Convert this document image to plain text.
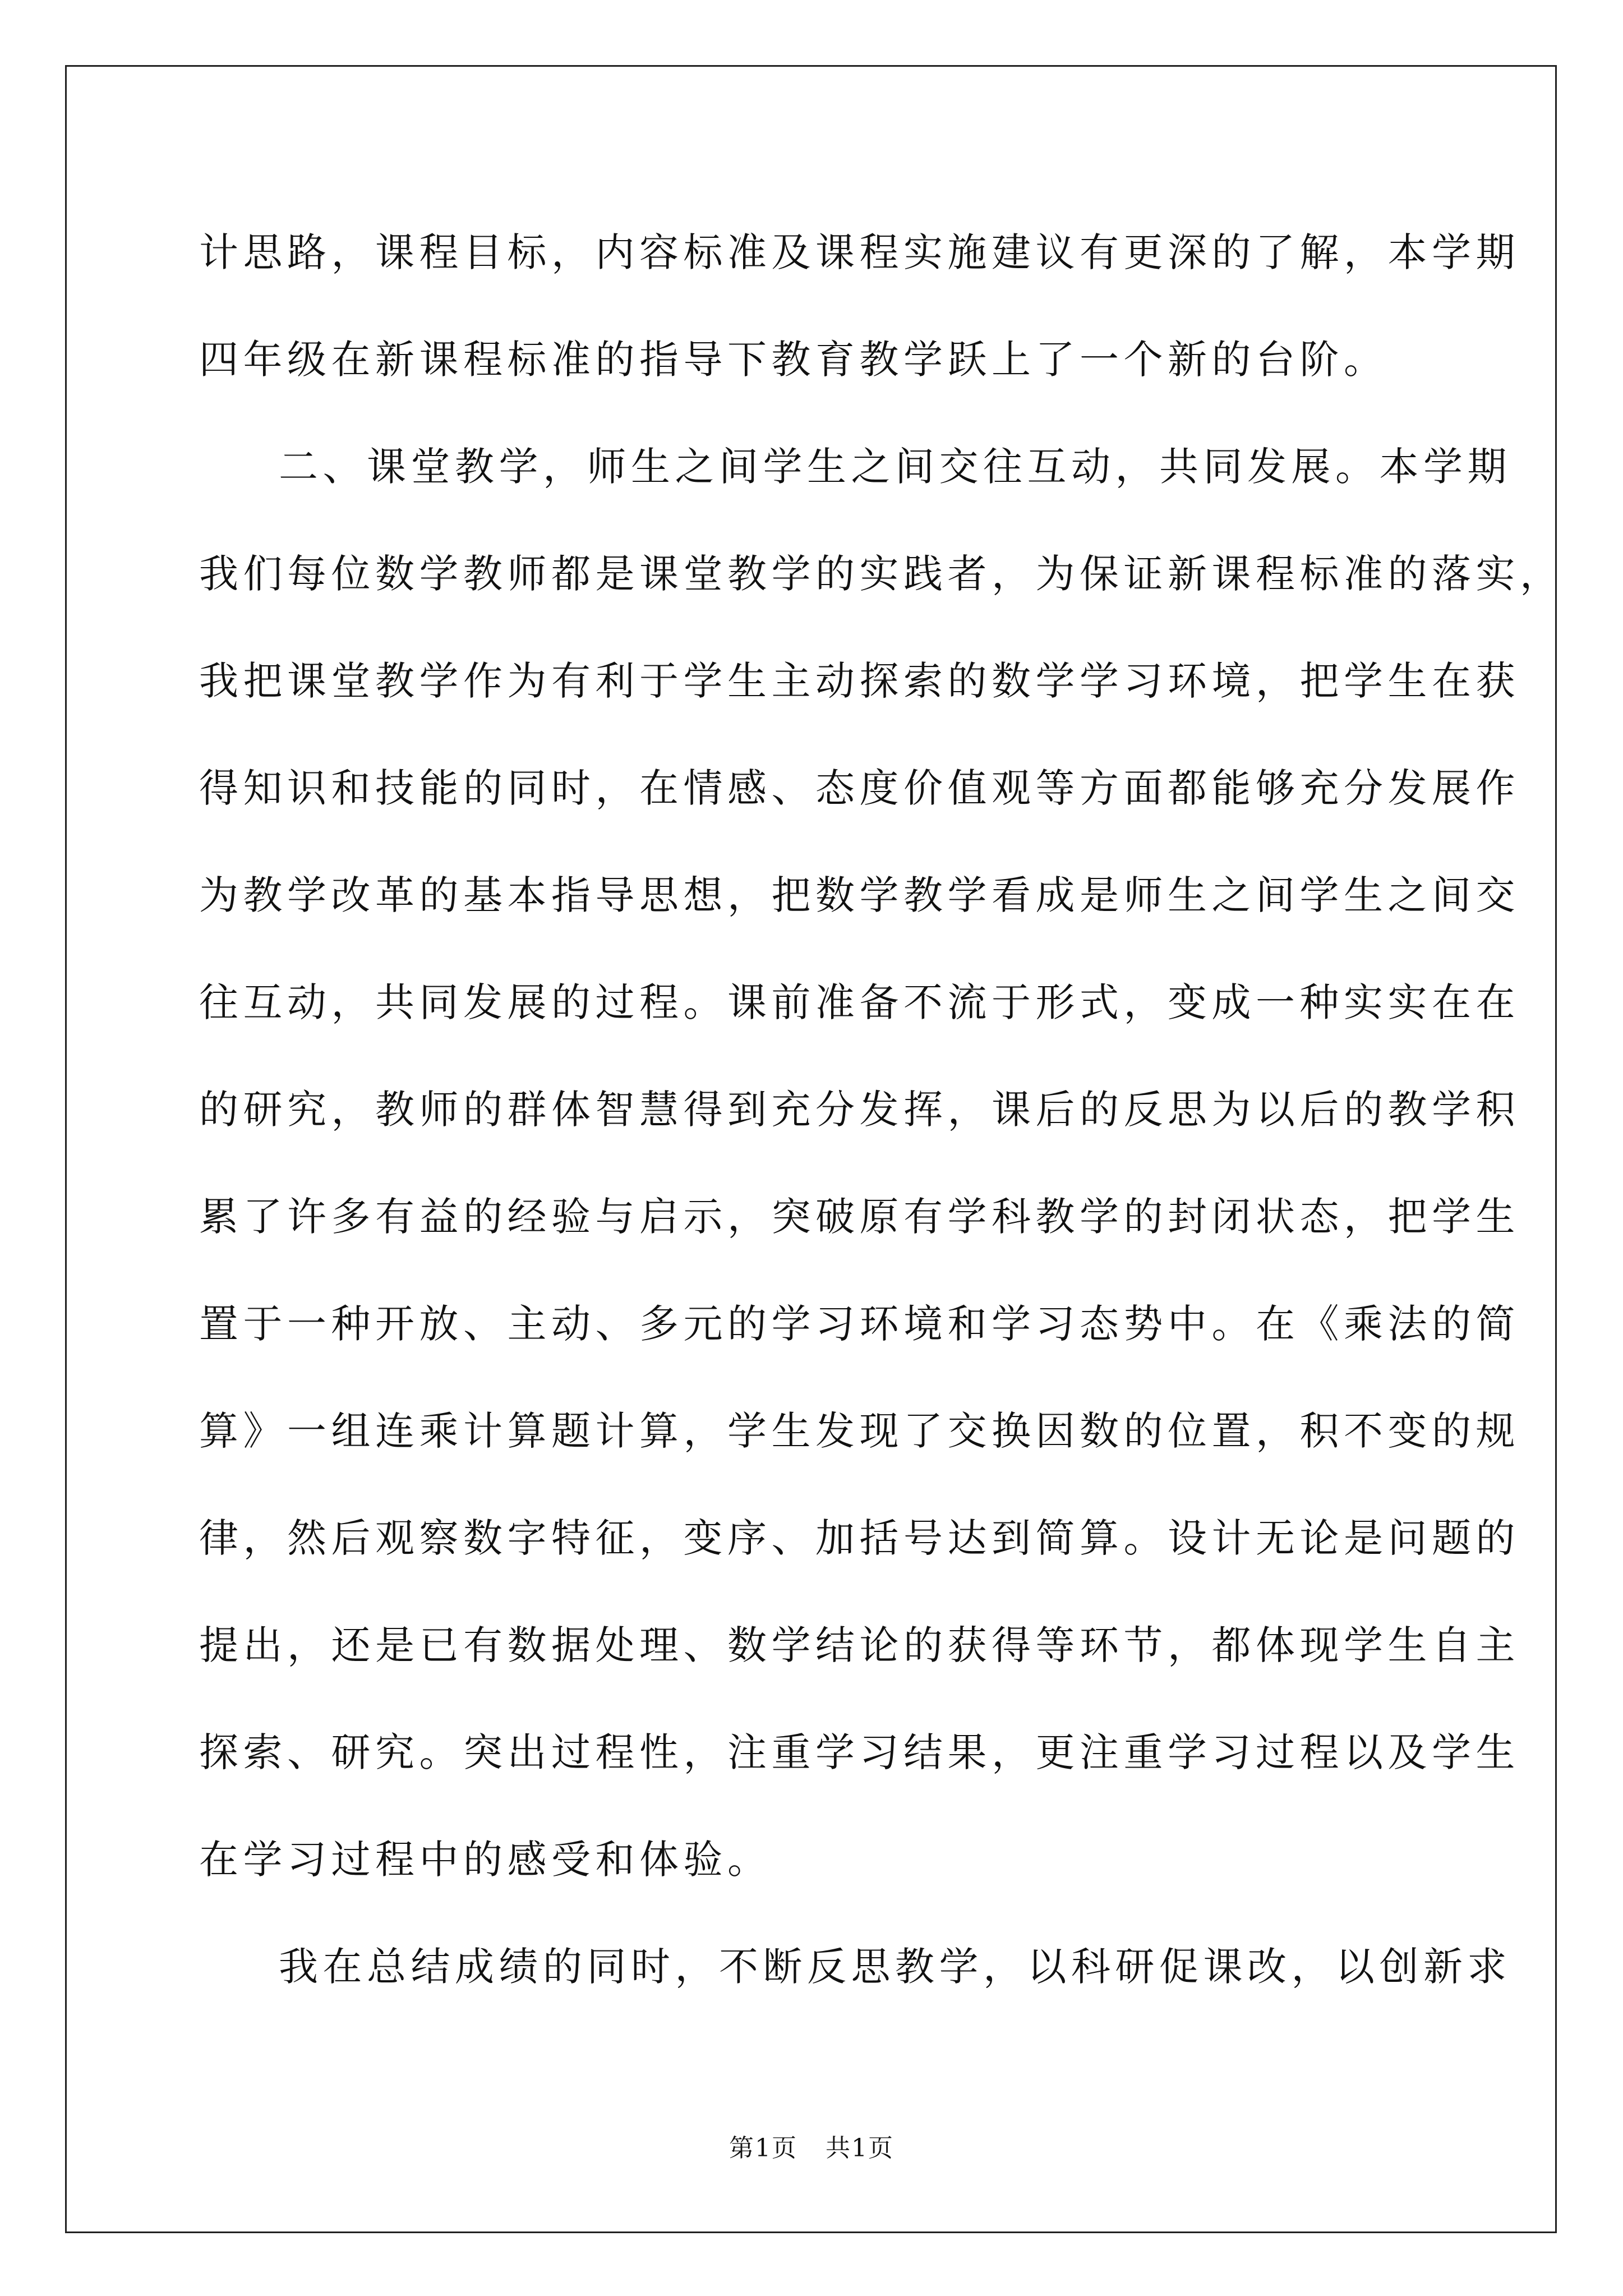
计思路，课程目标，内容标准及课程实施建议有更深的了解，本学期
四年级在新课程标准的指导下教育教学跃上了一个新的台阶。
二、课堂教学，师生之间学生之间交往互动，共同发展。本学期
我们每位数学教师都是课堂教学的实践者，为保证新课程标准的落实，
我把课堂教学作为有利于学生主动探索的数学学习环境，把学生在获
得知识和技能的同时，在情感、态度价值观等方面都能够充分发展作
为教学改革的基本指导思想，把数学教学看成是师生之间学生之间交
往互动，共同发展的过程。课前准备不流于形式，变成一种实实在在
的研究，教师的群体智慧得到充分发挥，课后的反思为以后的教学积
累了许多有益的经验与启示，突破原有学科教学的封闭状态，把学生
置于一种开放、主动、多元的学习环境和学习态势中。在《乘法的简
算》一组连乘计算题计算，学生发现了交换因数的位置，积不变的规
律，然后观察数字特征，变序、加括号达到简算。设计无论是问题的
提出，还是已有数据处理、数学结论的获得等环节，都体现学生自主
探索、研究。突出过程性，注重学习结果，更注重学习过程以及学生
在学习过程中的感受和体验。
我在总结成绩的同时，不断反思教学，以科研促课改，以创新求
第1页 共1页
